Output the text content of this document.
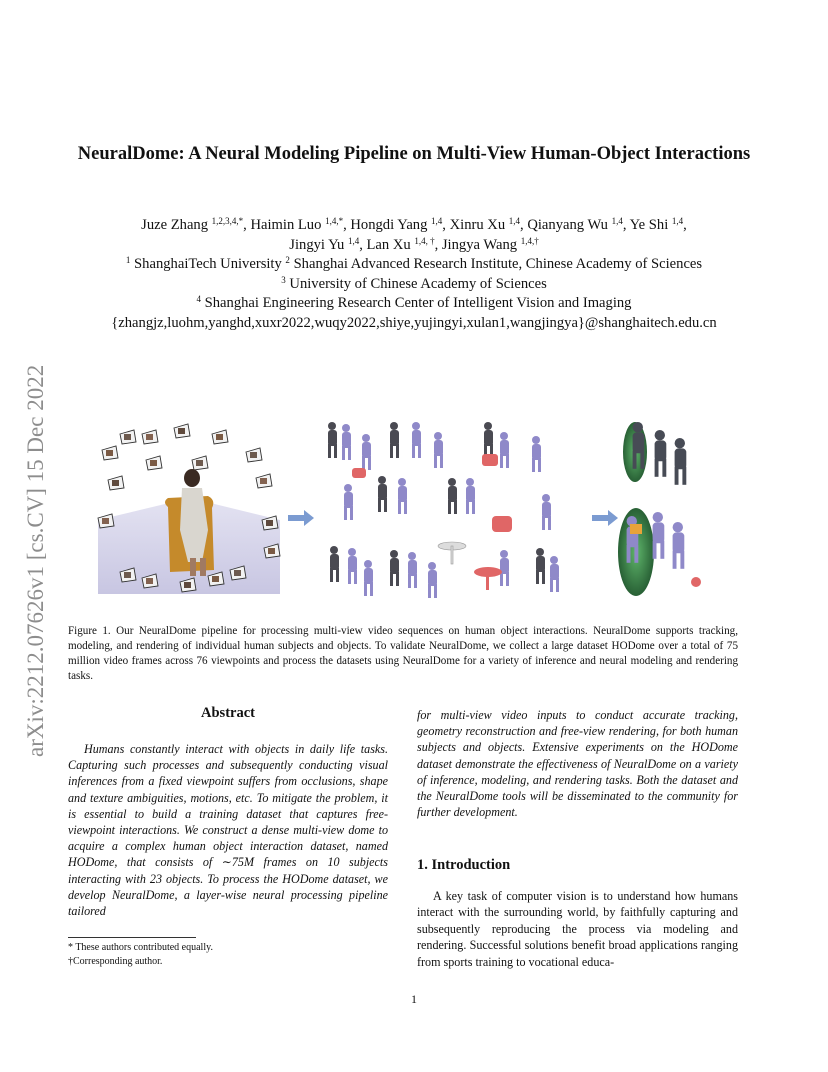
arXiv:2212.07626v1 [cs.CV] 15 Dec 2022
NeuralDome: A Neural Modeling Pipeline on Multi-View Human-Object Interactions
Juze Zhang $^{1,2,3,4,*}$, Haimin Luo $^{1,4,*}$, Hongdi Yang $^{1,4}$, Xinru Xu $^{1,4}$, Qianyang Wu $^{1,4}$, Ye Shi $^{1,4}$,
Jingyi Yu $^{1,4}$, Lan Xu $^{1,4, \dagger}$, Jingya Wang $^{1,4,\dagger}$
$^1$ ShanghaiTech University $^2$ Shanghai Advanced Research Institute, Chinese Academy of Sciences
$^3$ University of Chinese Academy of Sciences
$^4$ Shanghai Engineering Research Center of Intelligent Vision and Imaging
{zhangjz,luohm,yanghd,xuxr2022,wuqy2022,shiye,yujingyi,xulan1,wangjingya}@shanghaitech.edu.cn

Figure 1. Our NeuralDome pipeline for processing multi-view video sequences on human object interactions. NeuralDome supports tracking, modeling, and rendering of individual human subjects and objects. To validate NeuralDome, we collect a large dataset HODome over a total of 75 million video frames across 76 viewpoints and process the datasets using NeuralDome for a variety of inference and neural modeling and rendering tasks.

Abstract

Humans constantly interact with objects in daily life tasks. Capturing such processes and subsequently conducting visual inferences from a fixed viewpoint suffers from occlusions, shape and texture ambiguities, motions, etc. To mitigate the problem, it is essential to build a training dataset that captures free-viewpoint interactions. We construct a dense multi-view dome to acquire a complex human object interaction dataset, named HODome, that consists of ∼75M frames on 10 subjects interacting with 23 objects. To process the HODome dataset, we develop NeuralDome, a layer-wise neural processing pipeline tailored

for multi-view video inputs to conduct accurate tracking, geometry reconstruction and free-view rendering, for both human subjects and objects. Extensive experiments on the HODome dataset demonstrate the effectiveness of NeuralDome on a variety of inference, modeling, and rendering tasks. Both the dataset and the NeuralDome tools will be disseminated to the community for further development.

1. Introduction

A key task of computer vision is to understand how humans interact with the surrounding world, by faithfully capturing and subsequently reproducing the process via modeling and rendering. Successful solutions benefit broad applications ranging from sports training to vocational educa-

* These authors contributed equally.
†Corresponding author.
1
